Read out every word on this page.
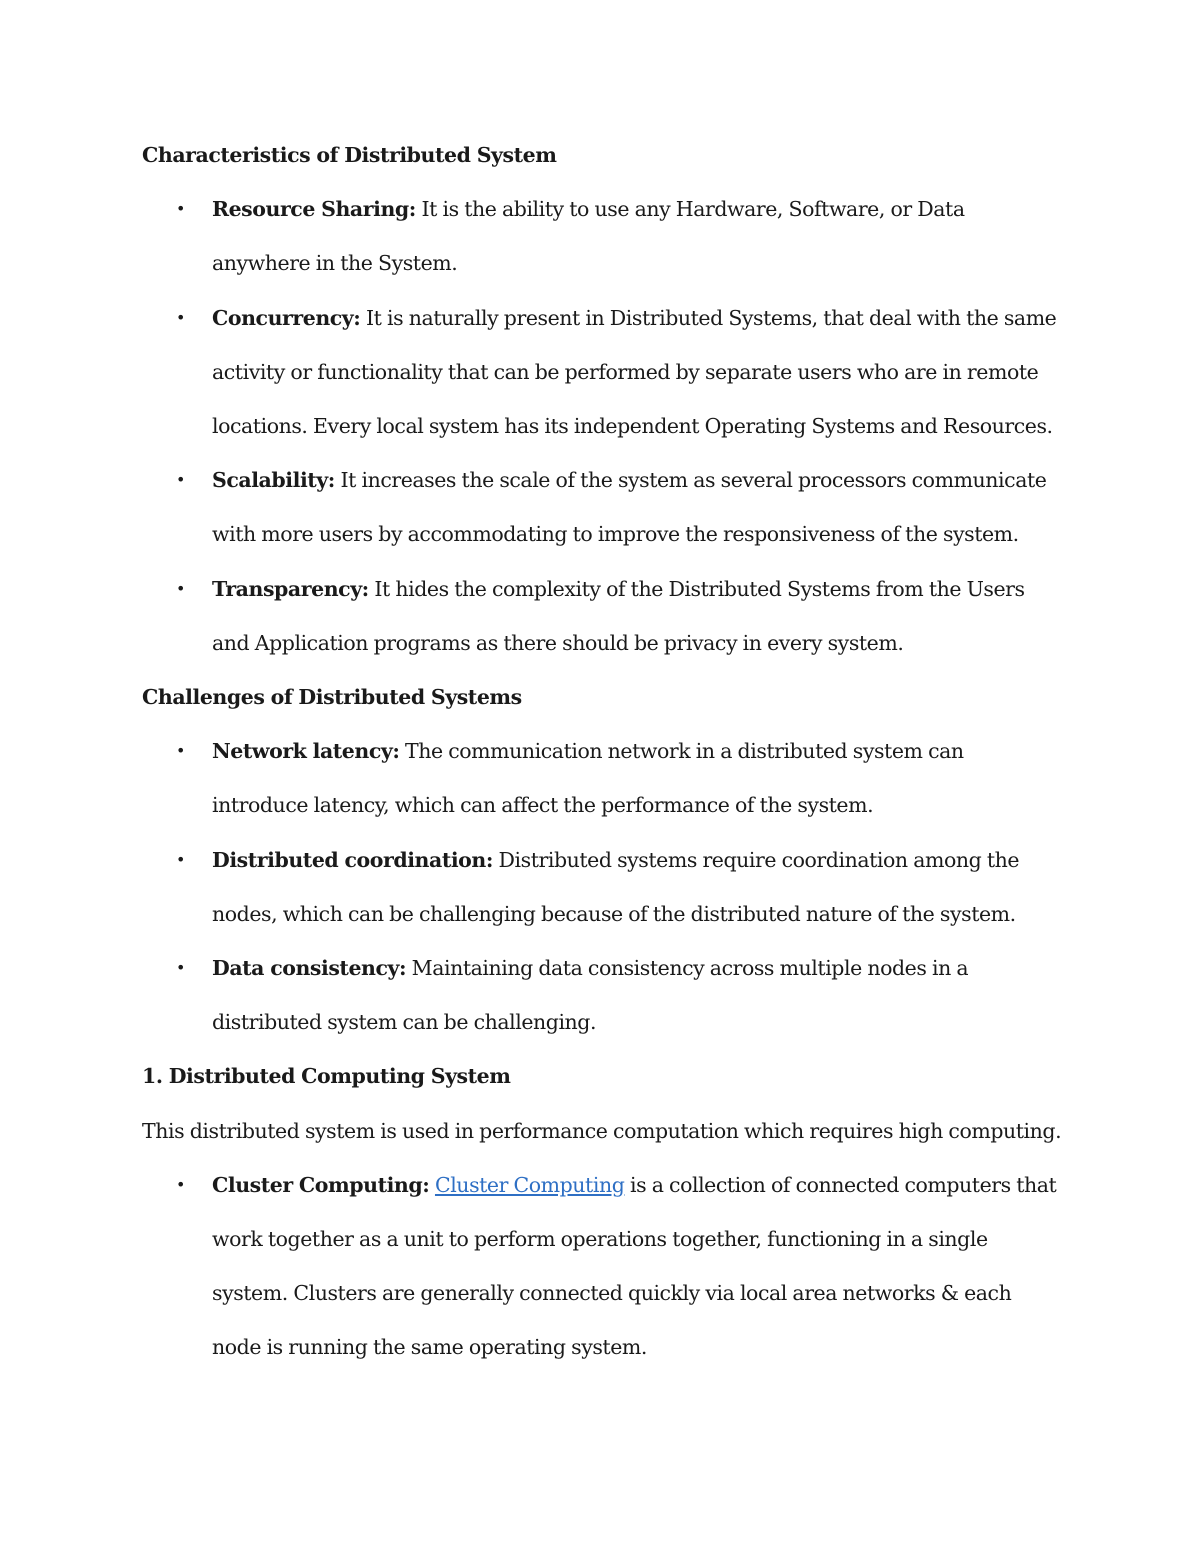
Characteristics of Distributed System

• Resource Sharing: It is the ability to use any Hardware, Software, or Data anywhere in the System.
• Concurrency: It is naturally present in Distributed Systems, that deal with the same activity or functionality that can be performed by separate users who are in remote locations. Every local system has its independent Operating Systems and Resources.
• Scalability: It increases the scale of the system as several processors communicate with more users by accommodating to improve the responsiveness of the system.
• Transparency: It hides the complexity of the Distributed Systems from the Users and Application programs as there should be privacy in every system.

Challenges of Distributed Systems

• Network latency: The communication network in a distributed system can introduce latency, which can affect the performance of the system.
• Distributed coordination: Distributed systems require coordination among the nodes, which can be challenging because of the distributed nature of the system.
• Data consistency: Maintaining data consistency across multiple nodes in a distributed system can be challenging.

1. Distributed Computing System

This distributed system is used in performance computation which requires high computing.

• Cluster Computing: Cluster Computing is a collection of connected computers that work together as a unit to perform operations together, functioning in a single system. Clusters are generally connected quickly via local area networks & each node is running the same operating system.
